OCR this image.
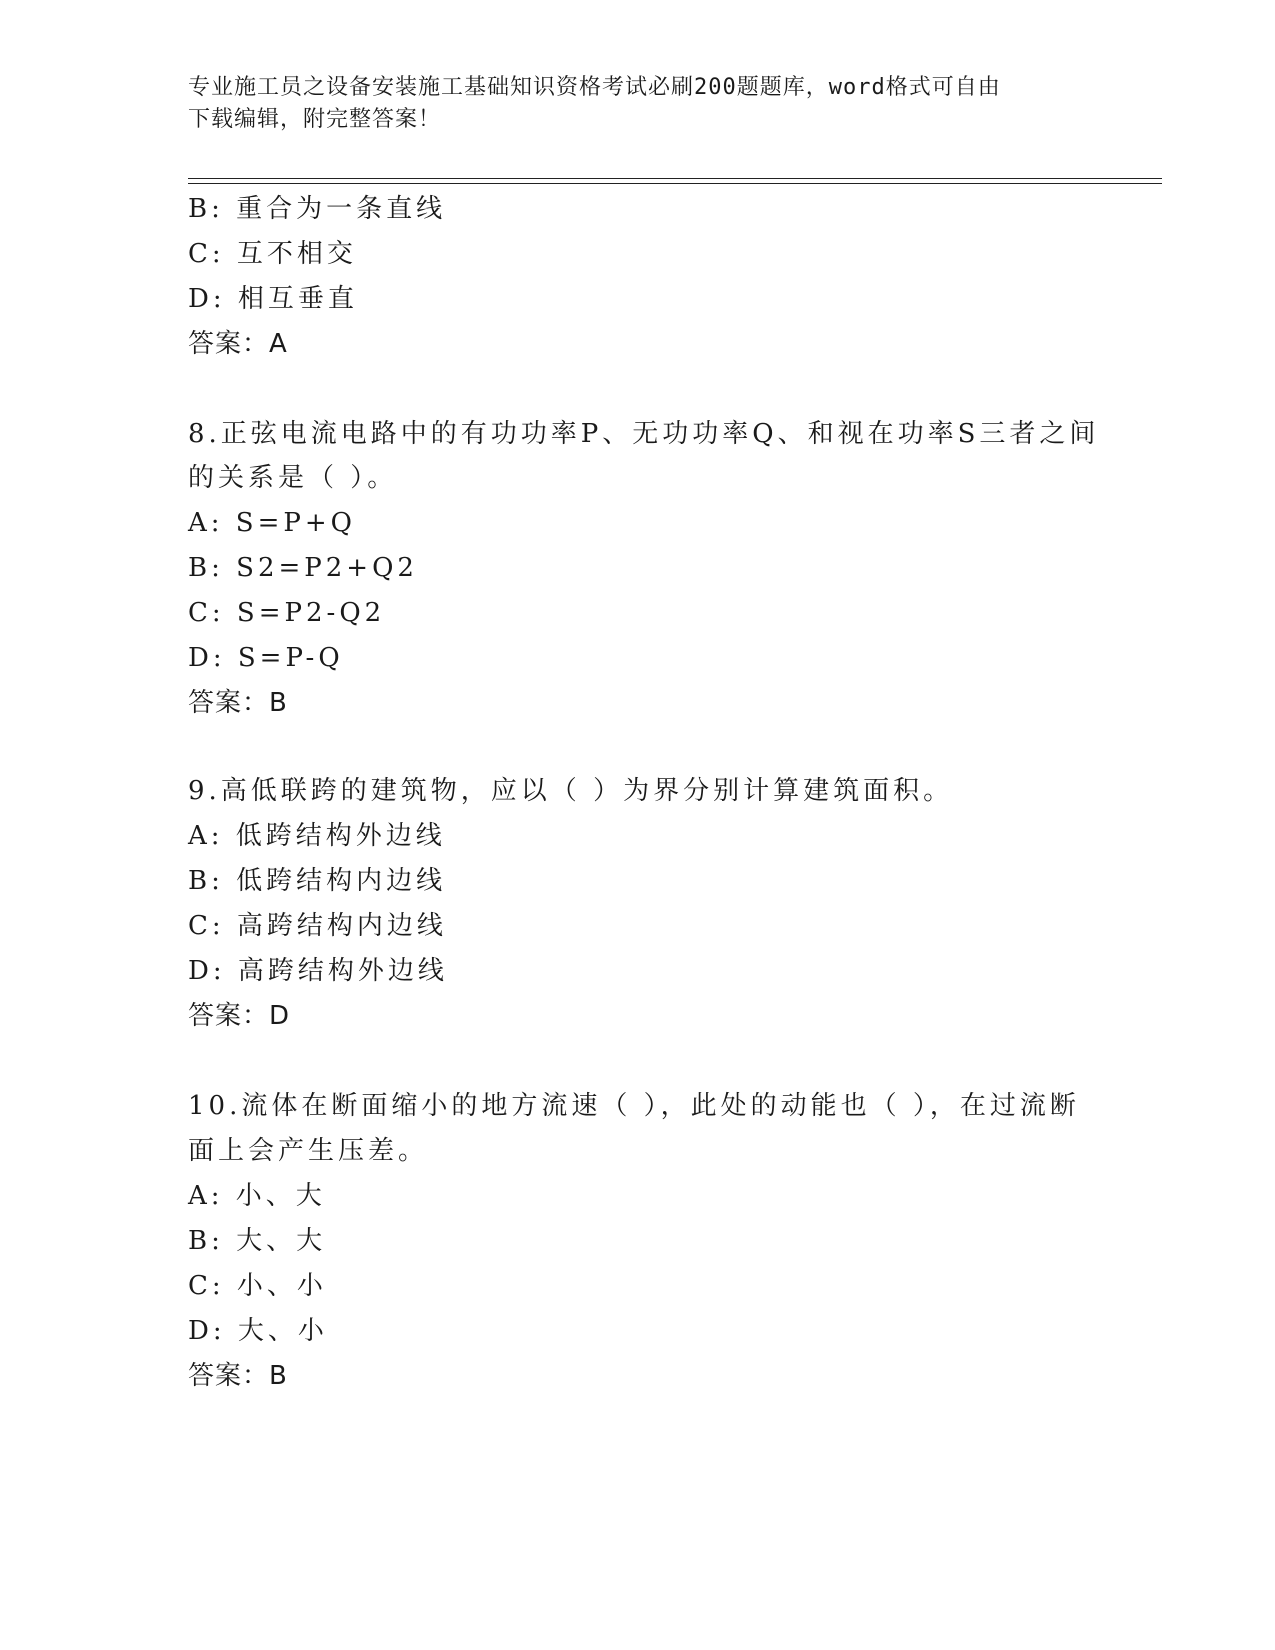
专业施工员之设备安装施工基础知识资格考试必刷200题题库，word格式可自由
下载编辑，附完整答案！
B: 重合为一条直线
C: 互不相交
D: 相互垂直
答案：A
8.正弦电流电路中的有功功率P、无功功率Q、和视在功率S三者之间
的关系是（ ）。
A: S=P+Q
B: S2=P2+Q2
C: S=P2-Q2
D: S=P-Q
答案：B
9.高低联跨的建筑物，应以（ ）为界分别计算建筑面积。
A: 低跨结构外边线
B: 低跨结构内边线
C: 高跨结构内边线
D: 高跨结构外边线
答案：D
10.流体在断面缩小的地方流速（ ），此处的动能也（ ），在过流断
面上会产生压差。
A: 小、大
B: 大、大
C: 小、小
D: 大、小
答案：B
